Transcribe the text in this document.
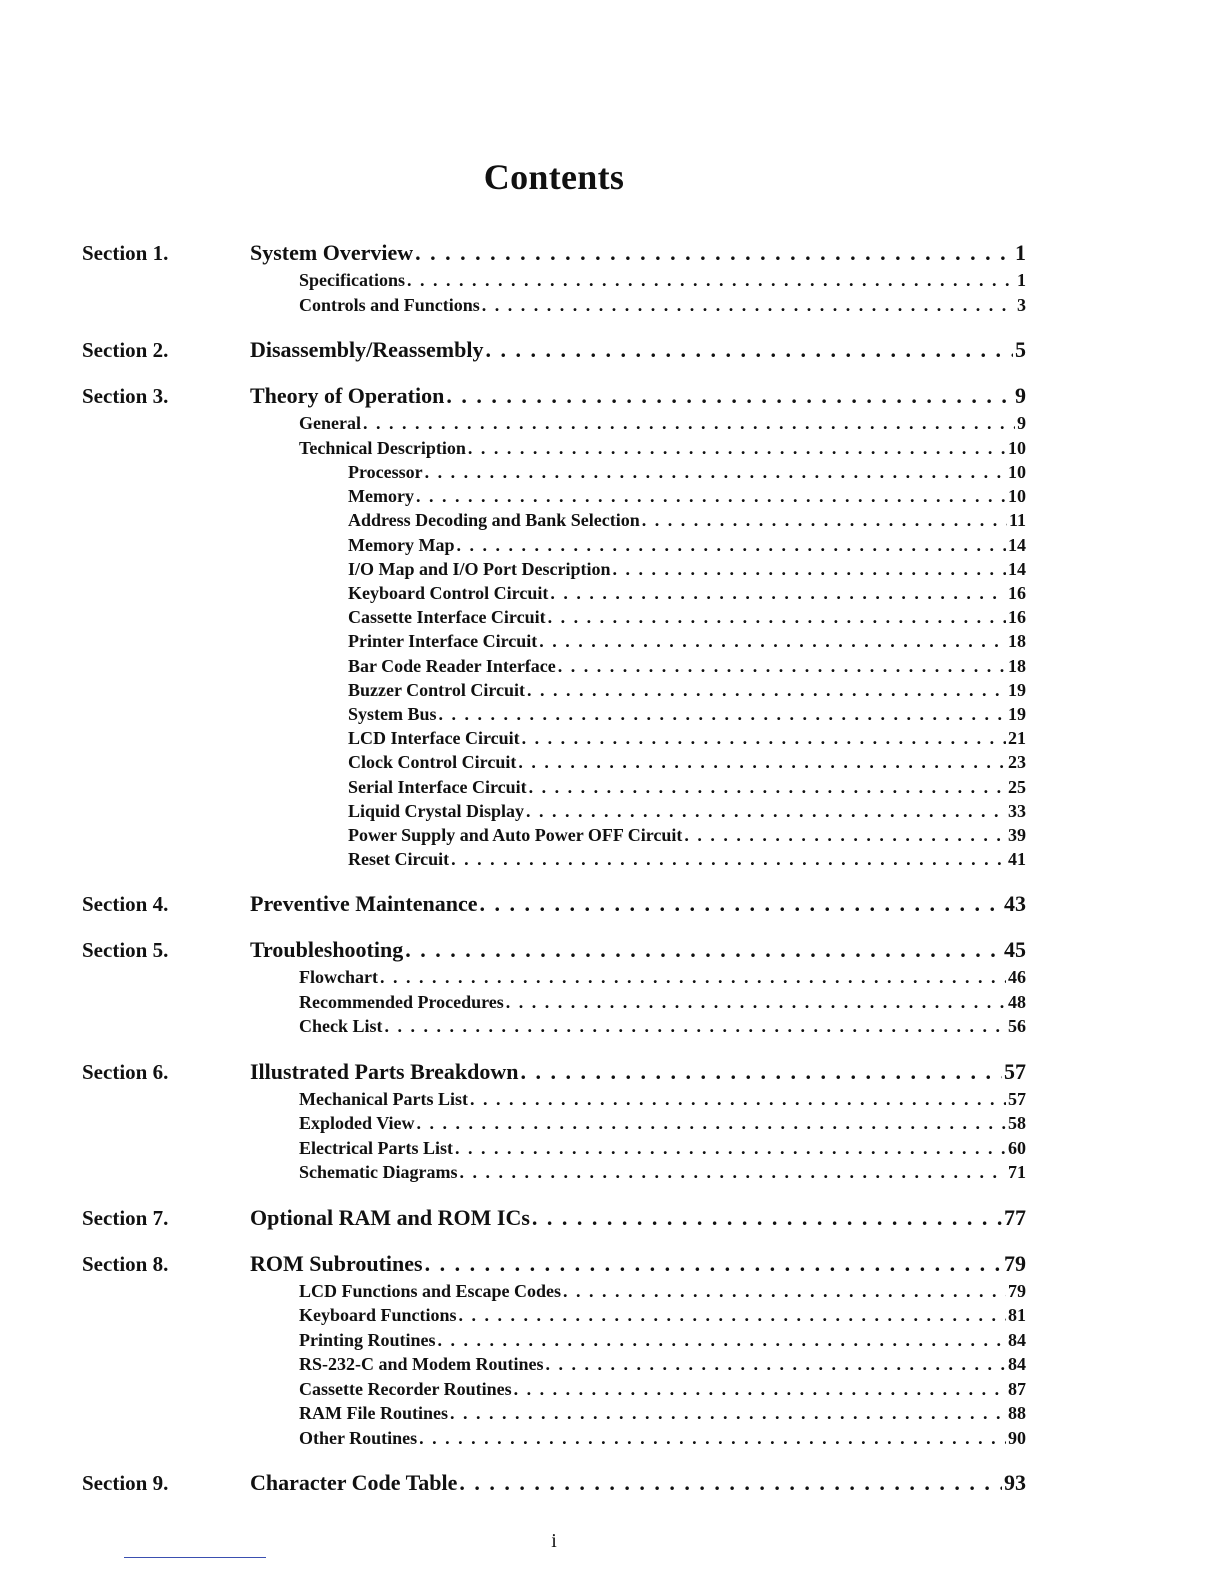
Contents
Section 1.	System Overview . . .	1
Specifications . . .	1
Controls and Functions . . .	3
Section 2.	Disassembly/Reassembly . . .	5
Section 3.	Theory of Operation . . .	9
General . . .	9
Technical Description . . .	10
Processor . . .	10
Memory . . .	10
Address Decoding and Bank Selection . . .	11
Memory Map . . .	14
I/O Map and I/O Port Description . . .	14
Keyboard Control Circuit . . .	16
Cassette Interface Circuit . . .	16
Printer Interface Circuit . . .	18
Bar Code Reader Interface . . .	18
Buzzer Control Circuit . . .	19
System Bus . . .	19
LCD Interface Circuit . . .	21
Clock Control Circuit . . .	23
Serial Interface Circuit . . .	25
Liquid Crystal Display . . .	33
Power Supply and Auto Power OFF Circuit . . .	39
Reset Circuit . . .	41
Section 4.	Preventive Maintenance . . .	43
Section 5.	Troubleshooting . . .	45
Flowchart . . .	46
Recommended Procedures . . .	48
Check List . . .	56
Section 6.	Illustrated Parts Breakdown . . .	57
Mechanical Parts List . . .	57
Exploded View . . .	58
Electrical Parts List . . .	60
Schematic Diagrams . . .	71
Section 7.	Optional RAM and ROM ICs . . .	77
Section 8.	ROM Subroutines . . .	79
LCD Functions and Escape Codes . . .	79
Keyboard Functions . . .	81
Printing Routines . . .	84
RS-232-C and Modem Routines . . .	84
Cassette Recorder Routines . . .	87
RAM File Routines . . .	88
Other Routines . . .	90
Section 9.	Character Code Table . . .	93
i
